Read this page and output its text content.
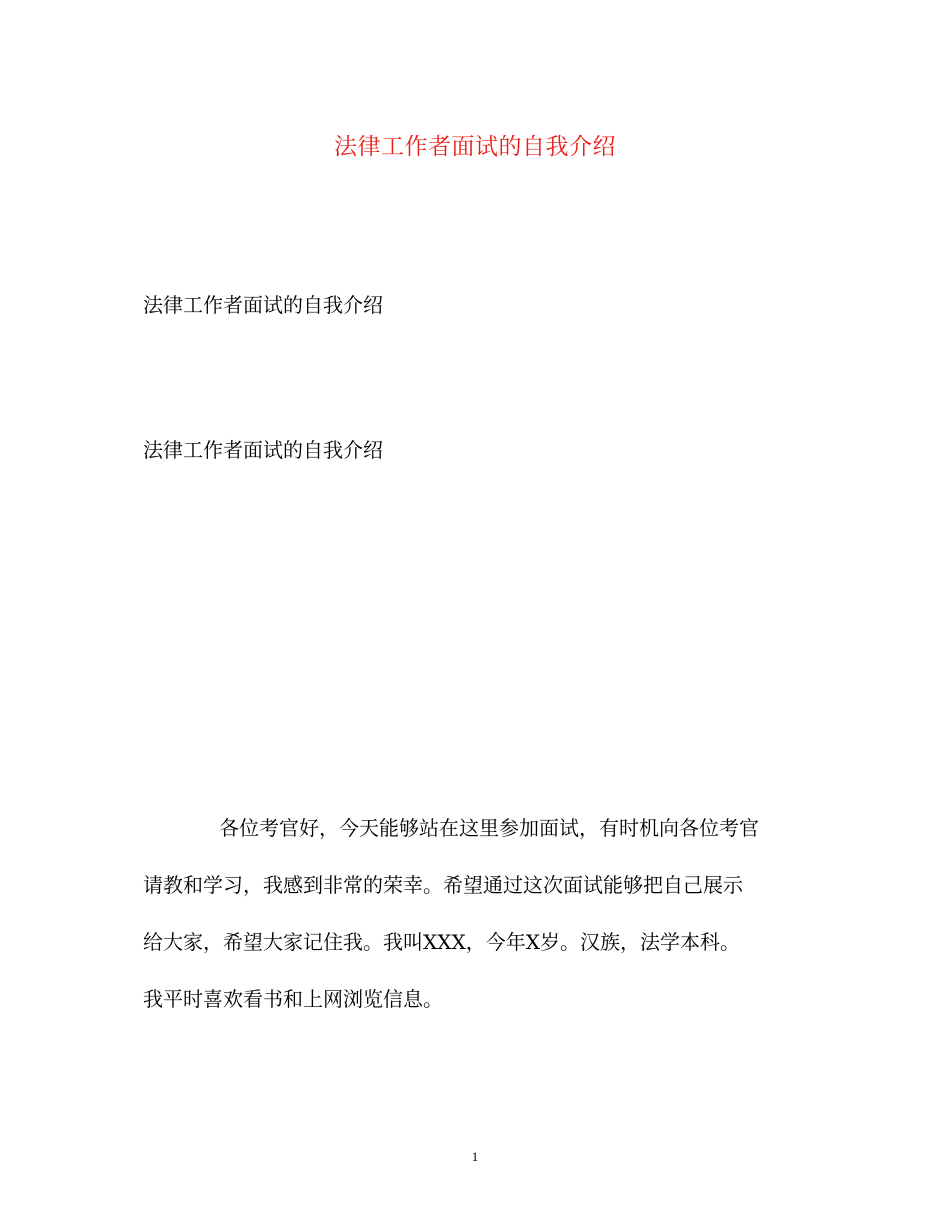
法律工作者面试的自我介绍
法律工作者面试的自我介绍
法律工作者面试的自我介绍
各位考官好，今天能够站在这里参加面试，有时机向各位考官
请教和学习，我感到非常的荣幸。希望通过这次面试能够把自己展示
给大家，希望大家记住我。我叫XXX，今年X岁。汉族，法学本科。
我平时喜欢看书和上网浏览信息。
1
